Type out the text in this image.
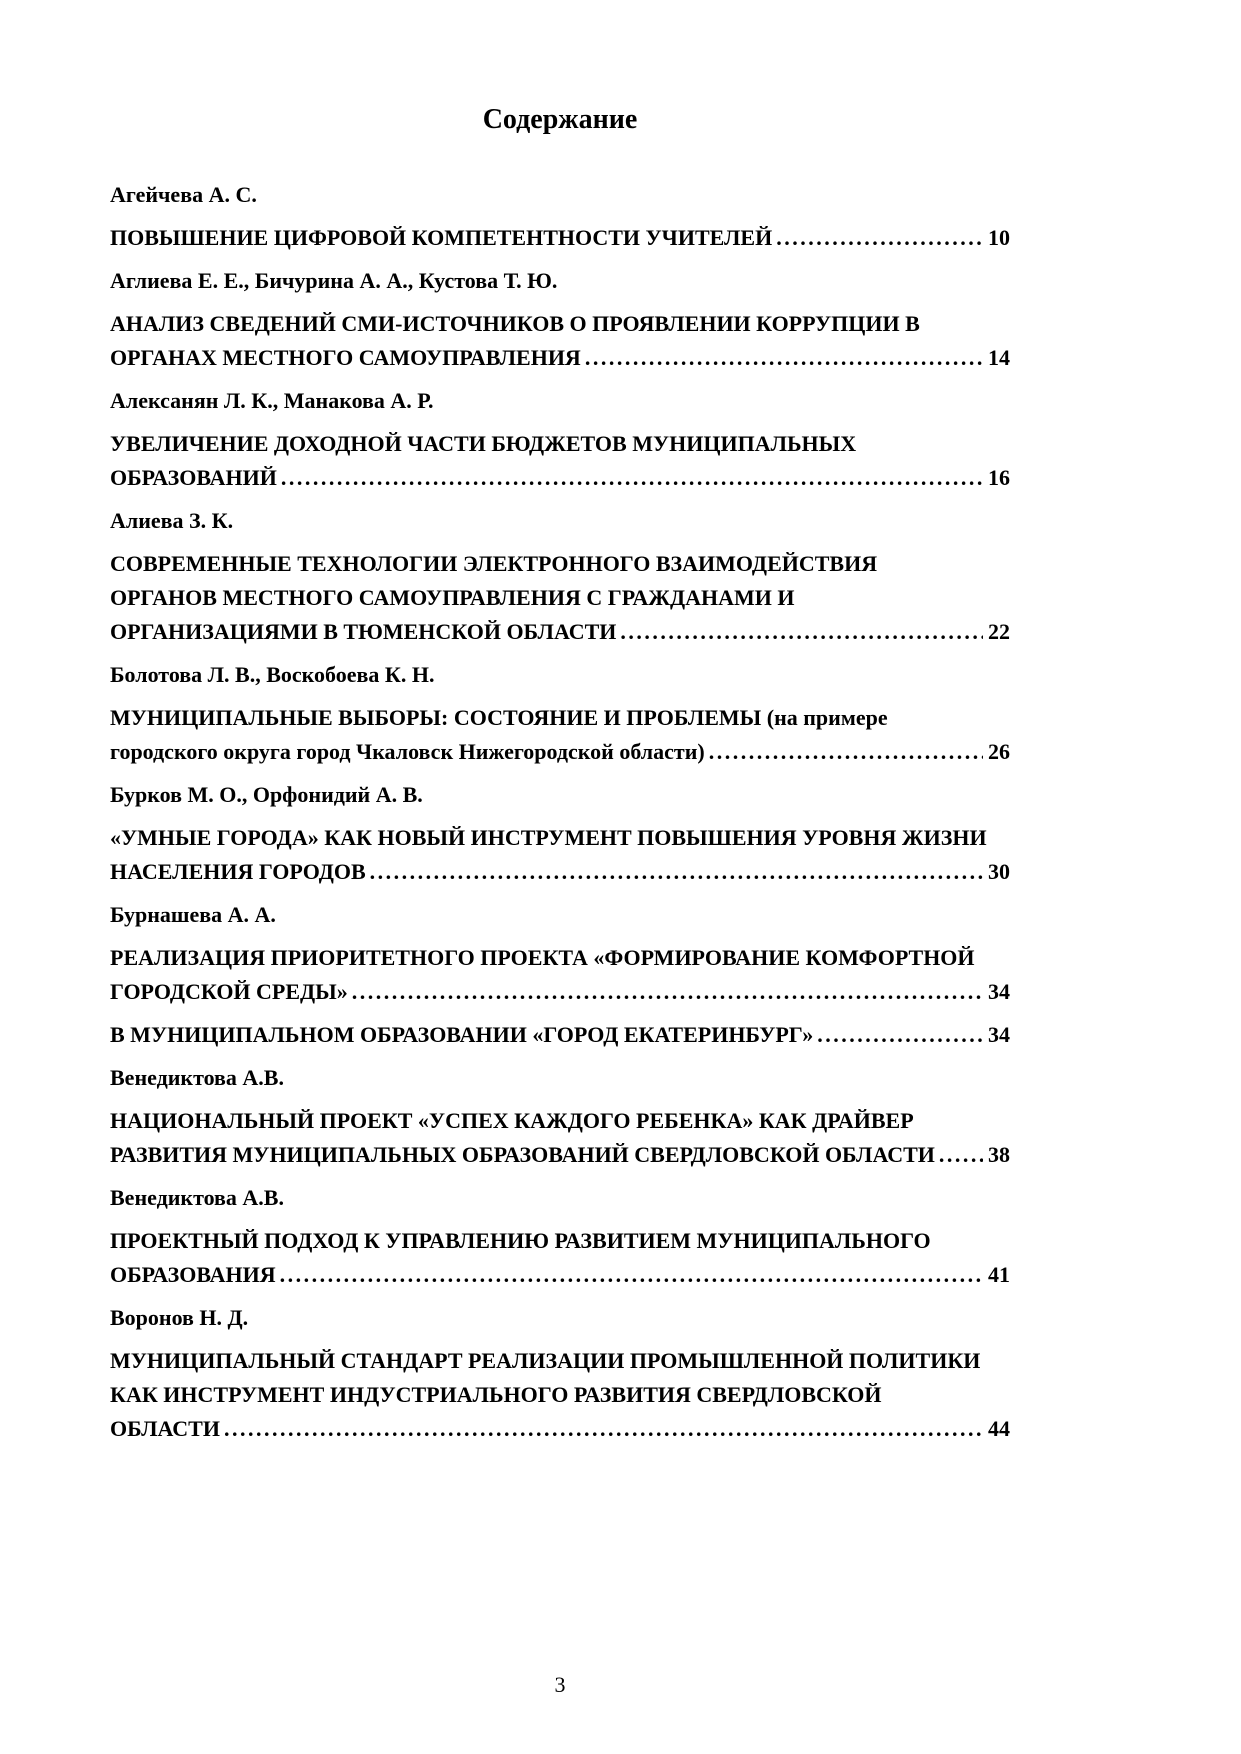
Содержание
Агейчева А. С.
ПОВЫШЕНИЕ ЦИФРОВОЙ КОМПЕТЕНТНОСТИ УЧИТЕЛЕЙ .....	10
Аглиева Е. Е., Бичурина А. А., Кустова Т. Ю.
АНАЛИЗ СВЕДЕНИЙ СМИ-ИСТОЧНИКОВ О ПРОЯВЛЕНИИ КОРРУПЦИИ В
ОРГАНАХ МЕСТНОГО САМОУПРАВЛЕНИЯ .....	14
Алексанян Л. К., Манакова А. Р.
УВЕЛИЧЕНИЕ ДОХОДНОЙ ЧАСТИ БЮДЖЕТОВ МУНИЦИПАЛЬНЫХ
ОБРАЗОВАНИЙ .....	16
Алиева З. К.
СОВРЕМЕННЫЕ ТЕХНОЛОГИИ ЭЛЕКТРОННОГО ВЗАИМОДЕЙСТВИЯ
ОРГАНОВ МЕСТНОГО САМОУПРАВЛЕНИЯ С ГРАЖДАНАМИ И
ОРГАНИЗАЦИЯМИ В ТЮМЕНСКОЙ ОБЛАСТИ .....	22
Болотова Л. В., Воскобоева К. Н.
МУНИЦИПАЛЬНЫЕ ВЫБОРЫ: СОСТОЯНИЕ И ПРОБЛЕМЫ (на примере
городского округа город Чкаловск Нижегородской области) .....	26
Бурков М. О., Орфонидий А. В.
«УМНЫЕ ГОРОДА» КАК НОВЫЙ ИНСТРУМЕНТ ПОВЫШЕНИЯ УРОВНЯ ЖИЗНИ
НАСЕЛЕНИЯ ГОРОДОВ .....	30
Бурнашева А. А.
РЕАЛИЗАЦИЯ ПРИОРИТЕТНОГО ПРОЕКТА «ФОРМИРОВАНИЕ КОМФОРТНОЙ
ГОРОДСКОЙ СРЕДЫ» .....	34
В МУНИЦИПАЛЬНОМ ОБРАЗОВАНИИ «ГОРОД ЕКАТЕРИНБУРГ» .....	34
Венедиктова А.В.
НАЦИОНАЛЬНЫЙ ПРОЕКТ «УСПЕХ КАЖДОГО РЕБЕНКА» КАК ДРАЙВЕР
РАЗВИТИЯ МУНИЦИПАЛЬНЫХ ОБРАЗОВАНИЙ СВЕРДЛОВСКОЙ ОБЛАСТИ ..... 38
Венедиктова А.В.
ПРОЕКТНЫЙ ПОДХОД К УПРАВЛЕНИЮ РАЗВИТИЕМ МУНИЦИПАЛЬНОГО
ОБРАЗОВАНИЯ .....	41
Воронов Н. Д.
МУНИЦИПАЛЬНЫЙ СТАНДАРТ РЕАЛИЗАЦИИ ПРОМЫШЛЕННОЙ ПОЛИТИКИ
КАК ИНСТРУМЕНТ ИНДУСТРИАЛЬНОГО РАЗВИТИЯ СВЕРДЛОВСКОЙ
ОБЛАСТИ .....	44
3
